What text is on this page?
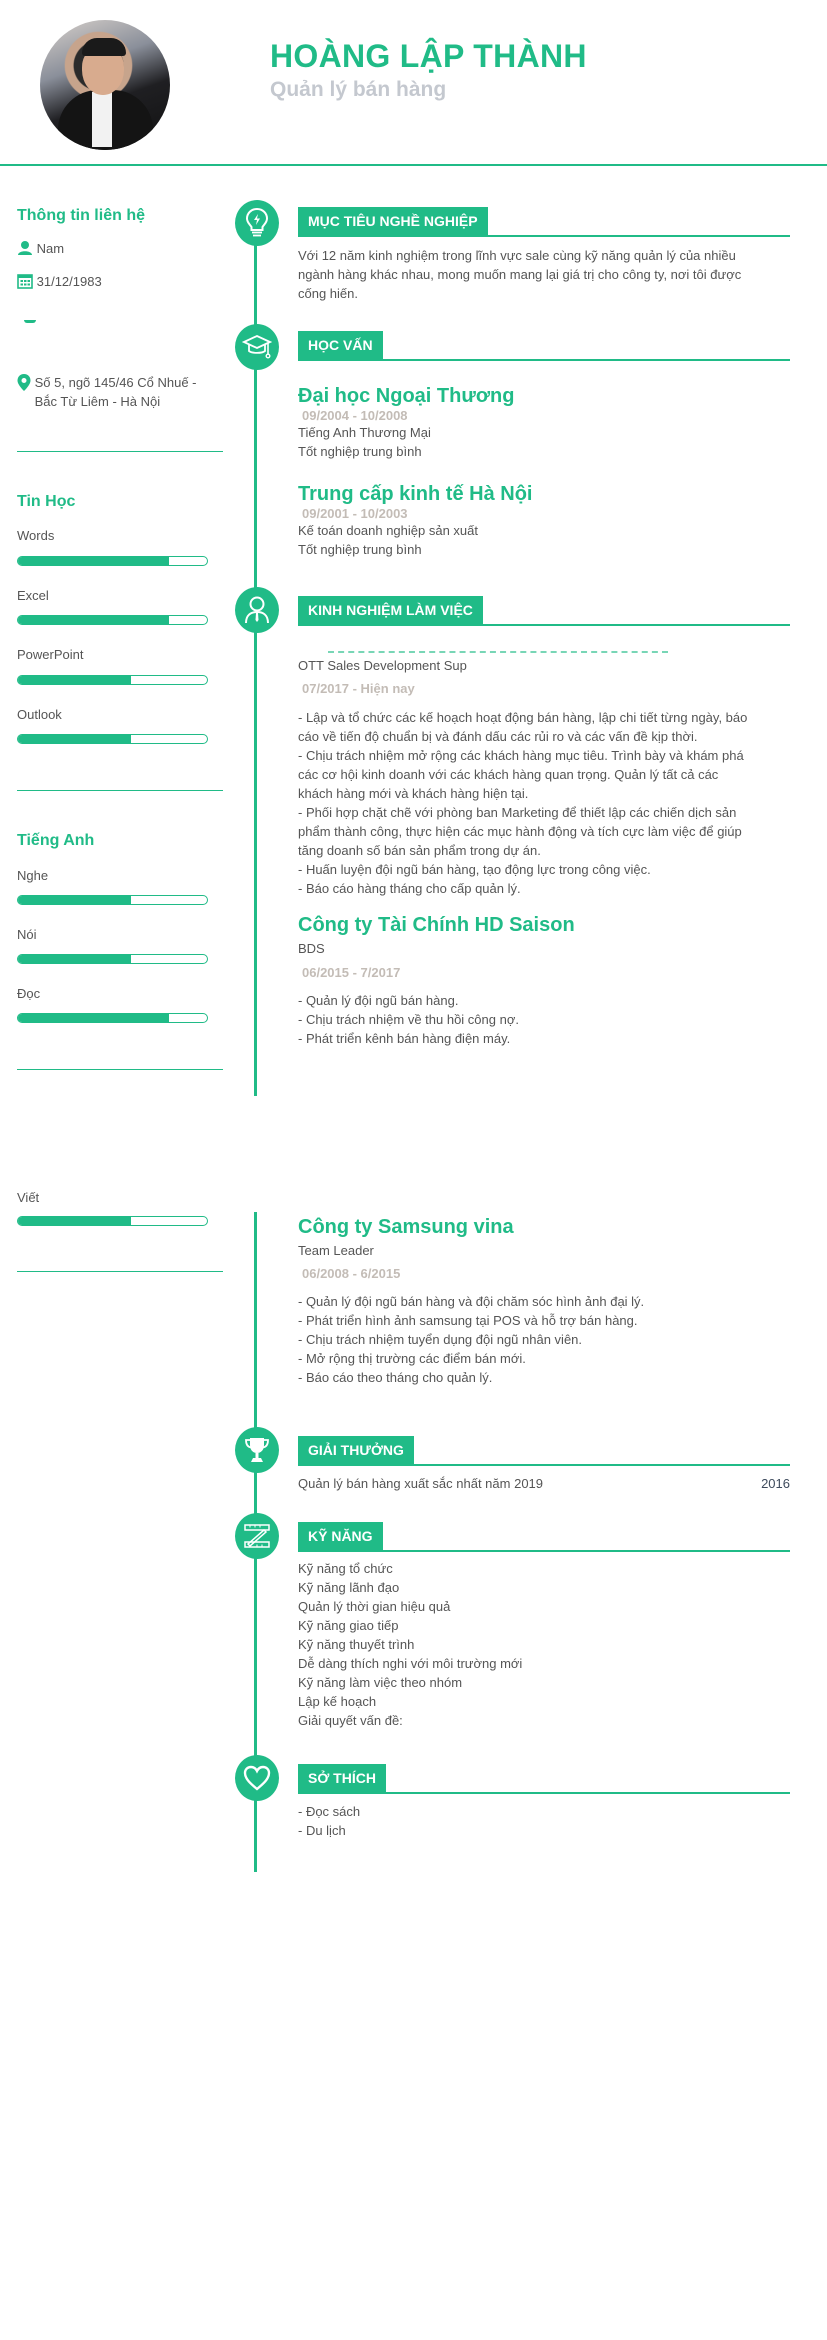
HOÀNG LẬP THÀNH
Quản lý bán hàng
Thông tin liên hệ
Nam
31/12/1983
Số 5, ngõ 145/46 Cổ Nhuế -
Bắc Từ Liêm - Hà Nội
Tin Học
Words
Excel
PowerPoint
Outlook
Tiếng Anh
Nghe
Nói
Đọc
Viết
MỤC TIÊU NGHỀ NGHIỆP
Với 12 năm kinh nghiệm trong lĩnh vực sale cùng kỹ năng quản lý của nhiều
ngành hàng khác nhau, mong muốn mang lại giá trị cho công ty, nơi tôi được
cống hiến.
HỌC VẤN
Đại học Ngoại Thương
09/2004 - 10/2008
Tiếng Anh Thương Mại
Tốt nghiệp trung bình
Trung cấp kinh tế Hà Nội
09/2001 - 10/2003
Kế toán doanh nghiệp sản xuất
Tốt nghiệp trung bình
KINH NGHIỆM LÀM VIỆC
OTT Sales Development Sup
07/2017 - Hiện nay
- Lập và tổ chức các kế hoạch hoạt động bán hàng, lập chi tiết từng ngày, báo
cáo về tiến độ chuẩn bị và đánh dấu các rủi ro và các vấn đề kịp thời.
- Chịu trách nhiệm mở rộng các khách hàng mục tiêu. Trình bày và khám phá
các cơ hội kinh doanh với các khách hàng quan trọng. Quản lý tất cả các
khách hàng mới và khách hàng hiện tại.
- Phối hợp chặt chẽ với phòng ban Marketing để thiết lập các chiến dịch sản
phẩm thành công, thực hiện các mục hành động và tích cực làm việc để giúp
tăng doanh số bán sản phẩm trong dự án.
- Huấn luyện đội ngũ bán hàng, tạo động lực trong công việc.
- Báo cáo hàng tháng cho cấp quản lý.
Công ty Tài Chính HD Saison
BDS
06/2015 - 7/2017
- Quản lý đội ngũ bán hàng.
- Chịu trách nhiệm về thu hồi công nợ.
- Phát triển kênh bán hàng điện máy.
Công ty Samsung vina
Team Leader
06/2008 - 6/2015
- Quản lý đội ngũ bán hàng và đội chăm sóc hình ảnh đại lý.
- Phát triển hình ảnh samsung tại POS và hỗ trợ bán hàng.
- Chịu trách nhiệm tuyển dụng đội ngũ nhân viên.
- Mở rộng thị trường các điểm bán mới.
- Báo cáo theo tháng cho quản lý.
GIẢI THƯỞNG
Quản lý bán hàng xuất sắc nhất năm 2019	2016
KỸ NĂNG
Kỹ năng tổ chức
Kỹ năng lãnh đạo
Quản lý thời gian hiệu quả
Kỹ năng giao tiếp
Kỹ năng thuyết trình
Dễ dàng thích nghi với môi trường mới
Kỹ năng làm việc theo nhóm
Lập kế hoạch
Giải quyết vấn đề:
SỞ THÍCH
- Đọc sách
- Du lịch
